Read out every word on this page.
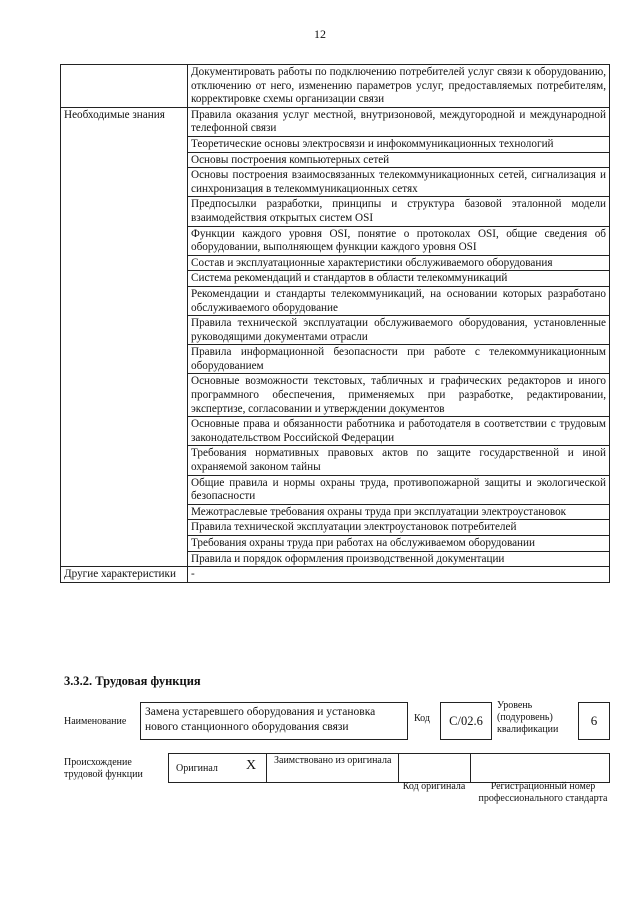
12
	Документировать работы по подключению потребителей услуг связи к оборудованию, отключению от него, изменению параметров услуг, предоставляемых потребителям, корректировке схемы организации связи
Необходимые знания	Правила оказания услуг местной, внутризоновой, междугородной и международной телефонной связи
	Теоретические основы электросвязи и инфокоммуникационных технологий
	Основы построения компьютерных сетей
	Основы построения взаимосвязанных телекоммуникационных сетей, сигнализация и синхронизация в телекоммуникационных сетях
	Предпосылки разработки, принципы и структура базовой эталонной модели взаимодействия открытых систем OSI
	Функции каждого уровня OSI, понятие о протоколах OSI, общие сведения об оборудовании, выполняющем функции каждого уровня OSI
	Состав и эксплуатационные характеристики обслуживаемого оборудования
	Система рекомендаций и стандартов в области телекоммуникаций
	Рекомендации и стандарты телекоммуникаций, на основании которых разработано обслуживаемого оборудование
	Правила технической эксплуатации обслуживаемого оборудования, установленные руководящими документами отрасли
	Правила информационной безопасности при работе с телекоммуникационным оборудованием
	Основные возможности текстовых, табличных и графических редакторов и иного программного обеспечения, применяемых при разработке, редактировании, экспертизе, согласовании и утверждении документов
	Основные права и обязанности работника и работодателя в соответствии с трудовым законодательством Российской Федерации
	Требования нормативных правовых актов по защите государственной и иной охраняемой законом тайны
	Общие правила и нормы охраны труда, противопожарной защиты и экологической безопасности
	Межотраслевые требования охраны труда при эксплуатации электроустановок
	Правила технической эксплуатации электроустановок потребителей
	Требования охраны труда при работах на обслуживаемом оборудовании
	Правила и порядок оформления производственной документации
Другие характеристики	-
3.3.2. Трудовая функция
Наименование
Замена устаревшего оборудования и установка нового станционного оборудования связи
Код	C/02.6
Уровень (подуровень) квалификации
6
Происхождение трудовой функции
Оригинал X Заимствовано из оригинала
Код оригинала	Регистрационный номер профессионального стандарта
